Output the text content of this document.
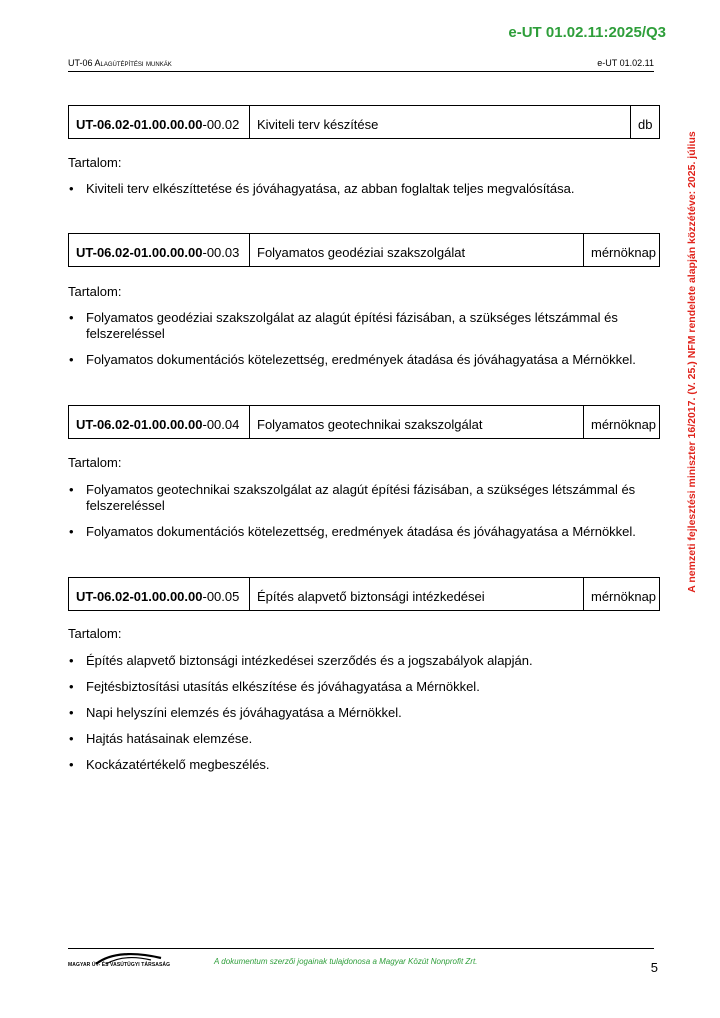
e-UT 01.02.11:2025/Q3
UT-06 Alagútépítési munkák	e-UT 01.02.11
A nemzeti fejlesztési miniszter 16/2017. (V. 25.) NFM rendelete alapján közzétéve: 2025. július
UT-06.02-01.00.00.00 -00.02	Kiviteli terv készítése	db
Tartalom:
• Kiviteli terv elkészíttetése és jóváhagyatása, az abban foglaltak teljes megvalósítása.
UT-06.02-01.00.00.00 -00.03	Folyamatos geodéziai szakszolgálat	mérnöknap
Tartalom:
• Folyamatos geodéziai szakszolgálat az alagút építési fázisában, a szükséges létszámmal és felszereléssel
• Folyamatos dokumentációs kötelezettség, eredmények átadása és jóváhagyatása a Mérnökkel.
UT-06.02-01.00.00.00 -00.04	Folyamatos geotechnikai szakszolgálat	mérnöknap
Tartalom:
• Folyamatos geotechnikai szakszolgálat az alagút építési fázisában, a szükséges létszámmal és felszereléssel
• Folyamatos dokumentációs kötelezettség, eredmények átadása és jóváhagyatása a Mérnökkel.
UT-06.02-01.00.00.00 -00.05	Építés alapvető biztonsági intézkedései	mérnöknap
Tartalom:
• Építés alapvető biztonsági intézkedései szerződés és a jogszabályok alapján.
• Fejtésbiztosítási utasítás elkészítése és jóváhagyatása a Mérnökkel.
• Napi helyszíni elemzés és jóváhagyatása a Mérnökkel.
• Hajtás hatásainak elemzése.
• Kockázatértékelő megbeszélés.
MAGYAR ÚT- ÉS VASÚTÜGYI TÁRSASÁG	A dokumentum szerzői jogainak tulajdonosa a Magyar Közút Nonprofit Zrt.	5
